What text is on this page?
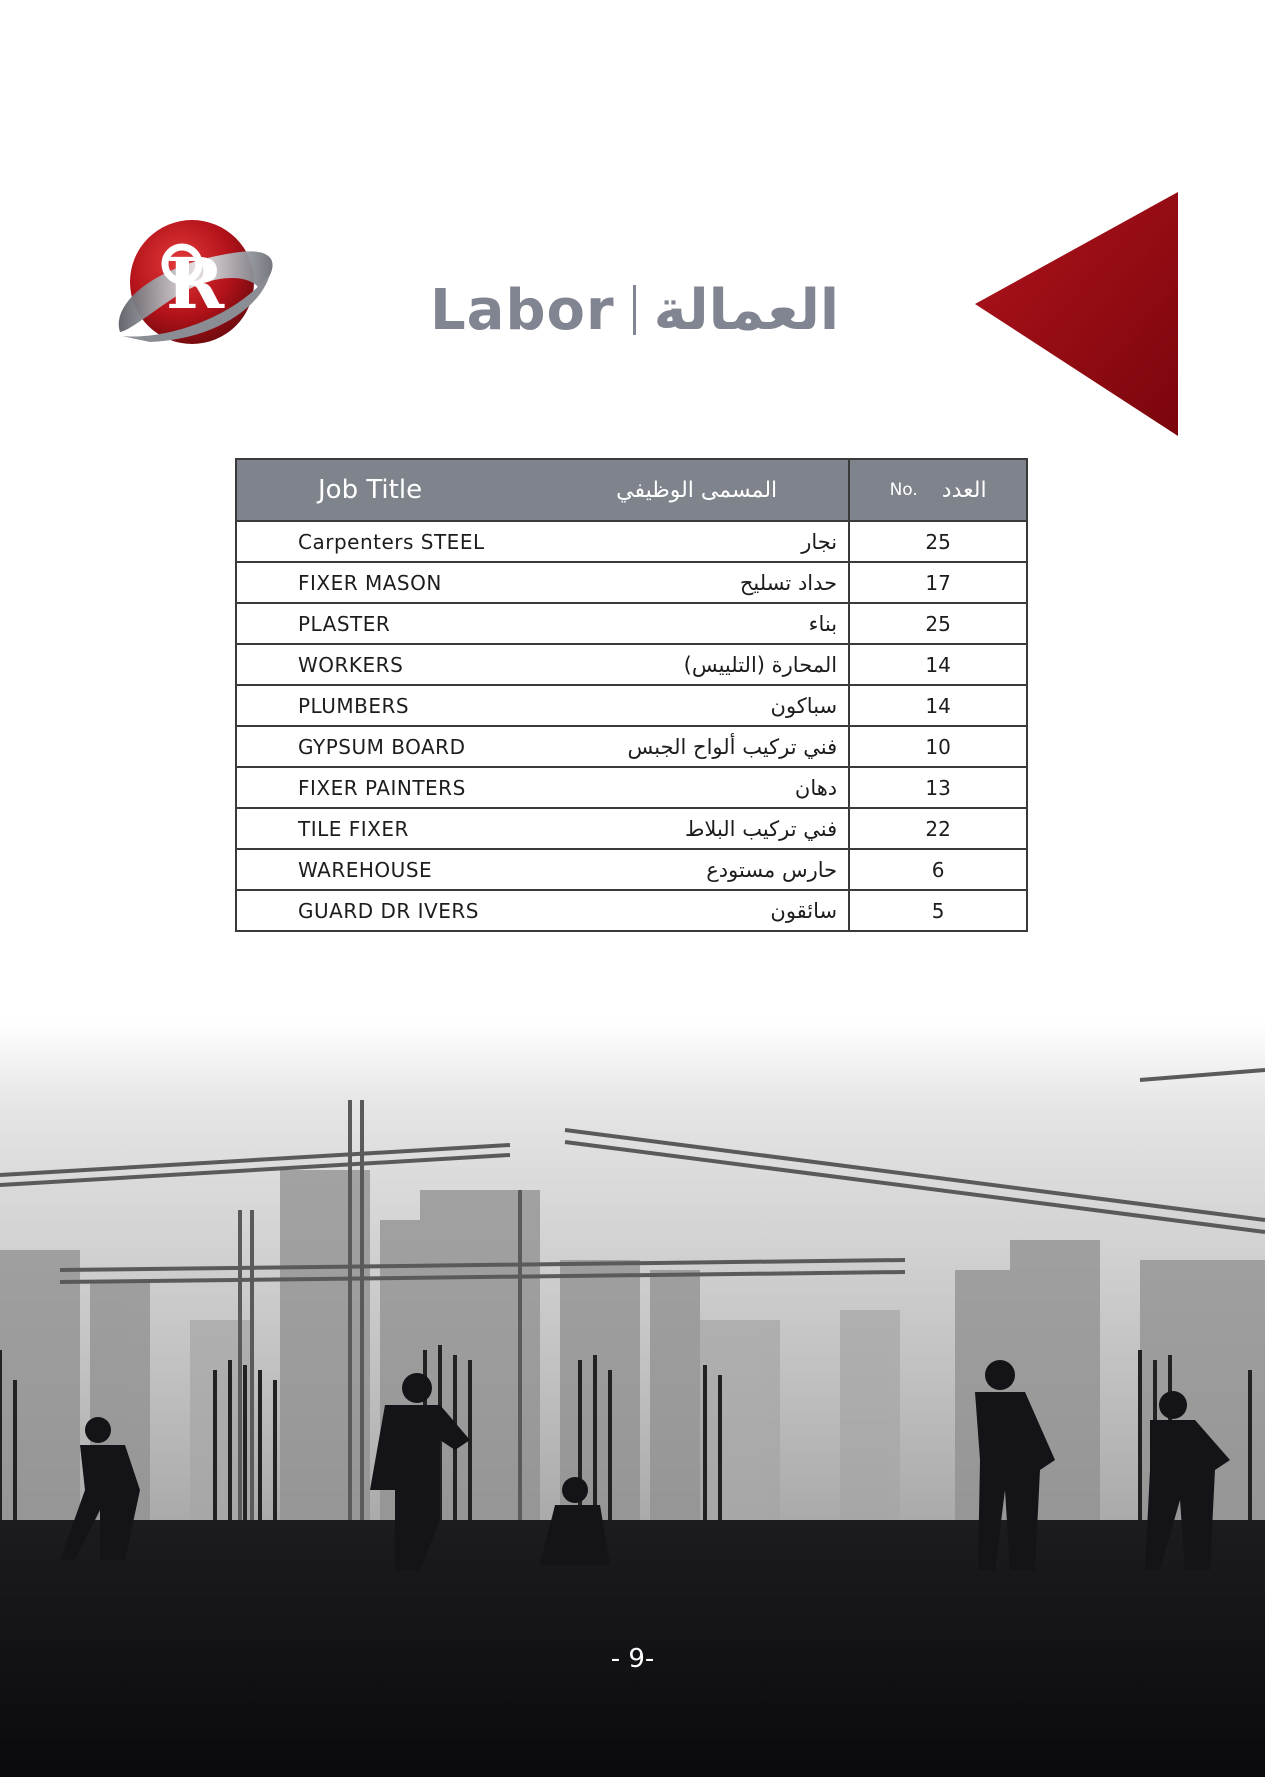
R	Labor العمالة
Job Title المسمى الوظيفي	No. العدد

Carpenters STEEL نجار	25

FIXER MASON حداد تسليح	17

PLASTER بناء	25

WORKERS المحارة (التلييس)	14

PLUMBERS سباكون	14

GYPSUM BOARD فني تركيب ألواح الجبس	10

FIXER PAINTERS دهان	13

TILE FIXER فني تركيب البلاط	22

WAREHOUSE حارس مستودع	6

GUARD DR IVERS سائقون	5
- 9-
